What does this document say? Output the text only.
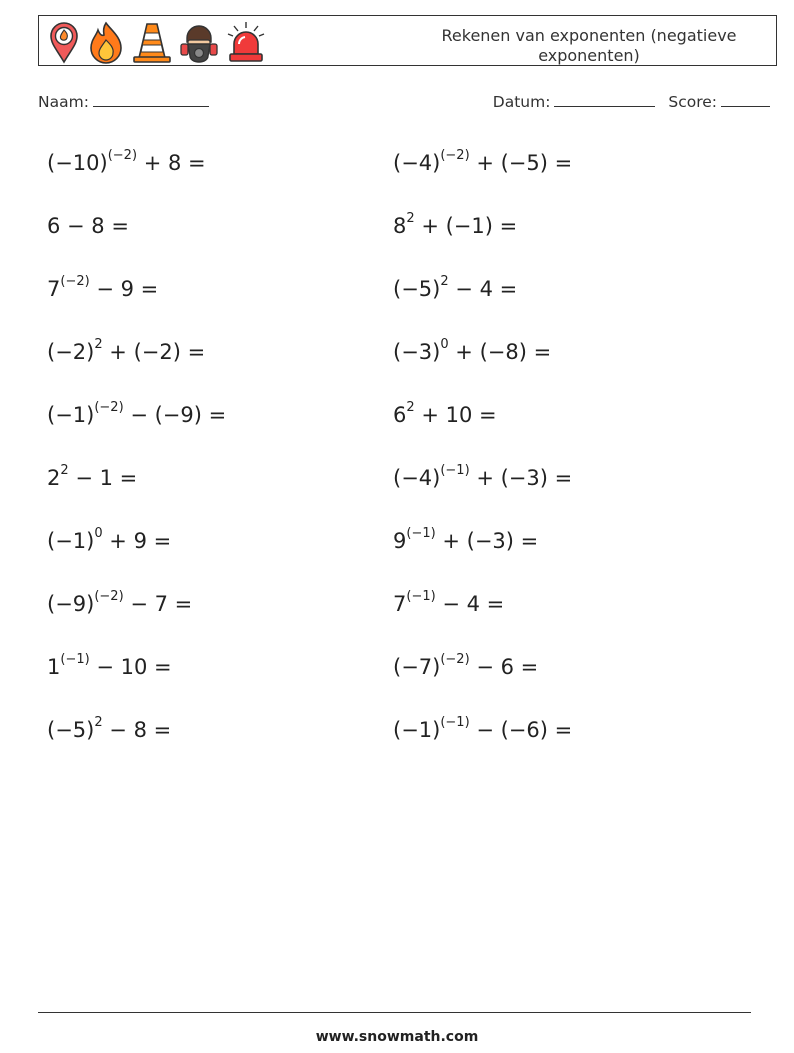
Rekenen van exponenten (negatieve exponenten)
Naam:	Datum:	Score:
$(-10)^{(-2)} + 8$ =	$(-4)^{(-2)} + (-5)$ =
6 − 8 =	$8^2 + (-1)$ =
$7^{(-2)} - 9$ =	$(-5)^2 - 4$ =
$(-2)^2 + (-2)$ =	$(-3)^0 + (-8)$ =
$(-1)^{(-2)} - (-9)$ =	$6^2 + 10$ =
$2^2 - 1$ =	$(-4)^{(-1)} + (-3)$ =
$(-1)^0 + 9$ =	$9^{(-1)} + (-3)$ =
$(-9)^{(-2)} - 7$ =	$7^{(-1)} - 4$ =
$1^{(-1)} - 10$ =	$(-7)^{(-2)} - 6$ =
$(-5)^2 - 8$ =	$(-1)^{(-1)} - (-6)$ =
www.snowmath.com
